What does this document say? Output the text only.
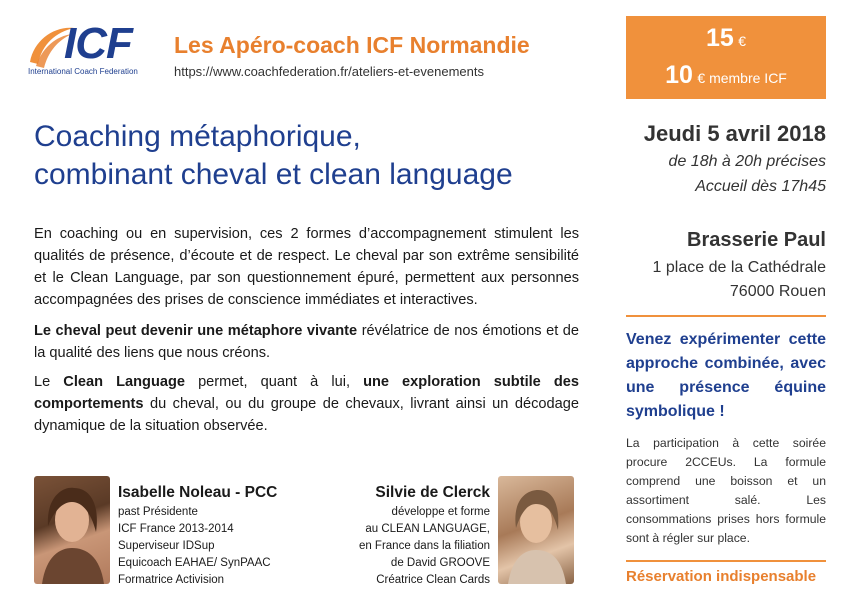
ICF
International Coach Federation
Les Apéro-coach ICF Normandie
https://www.coachfederation.fr/ateliers-et-evenements
15 €
10 € membre ICF
Coaching métaphorique,
combinant cheval et clean language
En coaching ou en supervision, ces 2 formes d’accompagnement stimulent les qualités de présence, d’écoute et de respect. Le cheval par son extrême sensibilité et le Clean Language, par son questionnement épuré, permettent aux personnes accompagnées des prises de conscience immédiates et interactives.
Le cheval peut devenir une métaphore vivante révélatrice de nos émotions et de la qualité des liens que nous créons.
Le Clean Language permet, quant à lui, une exploration subtile des comportements du cheval, ou du groupe de chevaux, livrant ainsi un décodage dynamique de la situation observée.
Jeudi 5 avril 2018
de 18h à 20h précises
Accueil dès 17h45
Brasserie Paul
1 place de la Cathédrale
76000 Rouen
Venez expérimenter cette approche combinée, avec une présence équine symbolique !
La participation à cette soirée procure 2CCEUs. La formule comprend une boisson et un assortiment salé. Les consommations prises hors formule sont à régler sur place.
Réservation indispensable
Isabelle Noleau - PCC
past Présidente
ICF France 2013-2014
Superviseur IDSup
Equicoach EAHAE/ SynPAAC
Formatrice Activision
Silvie de Clerck
développe et forme
au CLEAN LANGUAGE,
en France dans la filiation
de David GROOVE
Créatrice Clean Cards
